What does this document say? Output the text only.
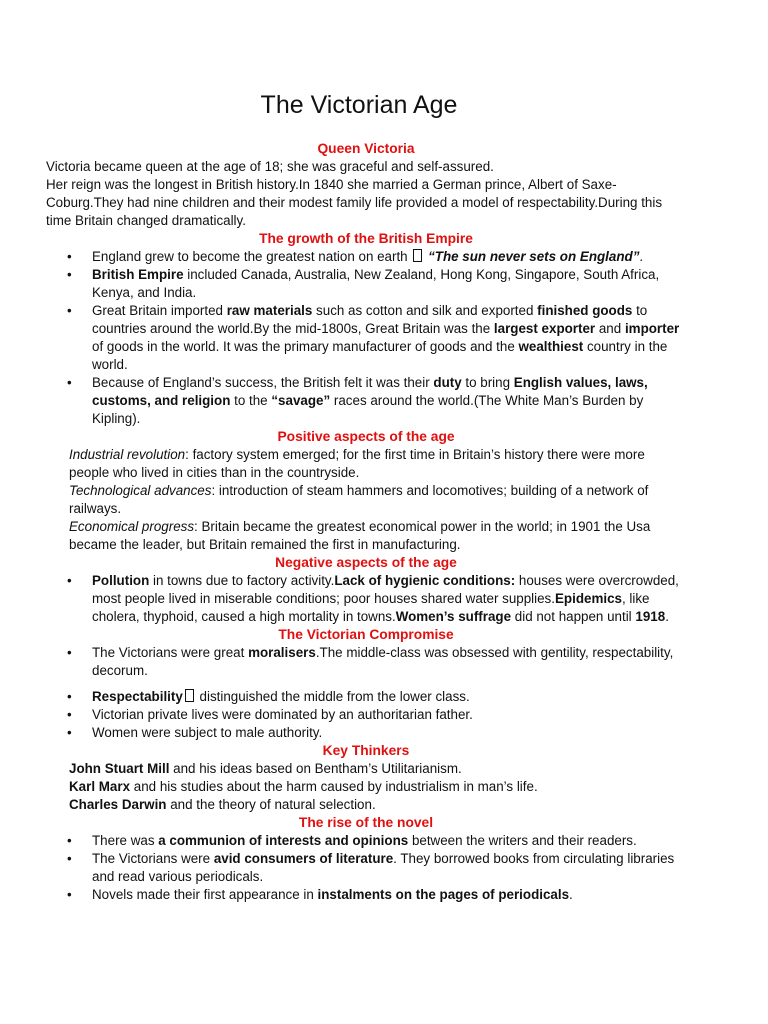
The Victorian Age
Queen Victoria

Victoria became queen at the age of 18; she was graceful and self-assured.

Her reign was the longest in British history.In 1840 she married a German prince, Albert of Saxe-Coburg.They had nine children and their modest family life provided a model of respectability.During this time Britain changed dramatically.

The growth of the British Empire
• England grew to become the greatest nation on earth  “The sun never sets on England”.
• British Empire included Canada, Australia, New Zealand, Hong Kong, Singapore, South Africa, Kenya, and India.
• Great Britain imported raw materials such as cotton and silk and exported finished goods to countries around the world.By the mid-1800s, Great Britain was the largest exporter and importer of goods in the world. It was the primary manufacturer of goods and the wealthiest country in the world.
• Because of England’s success, the British felt it was their duty to bring English values, laws, customs, and religion to the “savage” races around the world.(The White Man’s Burden by Kipling).
Positive aspects of the age

Industrial revolution: factory system emerged; for the first time in Britain’s history there were more people who lived in cities than in the countryside.

Technological advances: introduction of steam hammers and locomotives; building of a network of railways.

Economical progress: Britain became the greatest economical power in the world; in 1901 the Usa became the leader, but Britain remained the first in manufacturing.

Negative aspects of the age
• Pollution in towns due to factory activity.Lack of hygienic conditions: houses were overcrowded, most people lived in miserable conditions; poor houses shared water supplies.Epidemics, like cholera, thyphoid, caused a high mortality in towns.Women’s suffrage did not happen until 1918.
The Victorian Compromise
• The Victorians were great moralisers.The middle-class was obsessed with gentility, respectability, decorum.
• Respectability distinguished the middle from the lower class.
• Victorian private lives were dominated by an authoritarian father.
• Women were subject to male authority.
Key Thinkers

John Stuart Mill and his ideas based on Bentham’s Utilitarianism.

Karl Marx and his studies about the harm caused by industrialism in man’s life.

Charles Darwin and the theory of natural selection.

The rise of the novel
• There was a communion of interests and opinions between the writers and their readers.
• The Victorians were avid consumers of literature. They borrowed books from circulating libraries and read various periodicals.
• Novels made their first appearance in instalments on the pages of periodicals.
